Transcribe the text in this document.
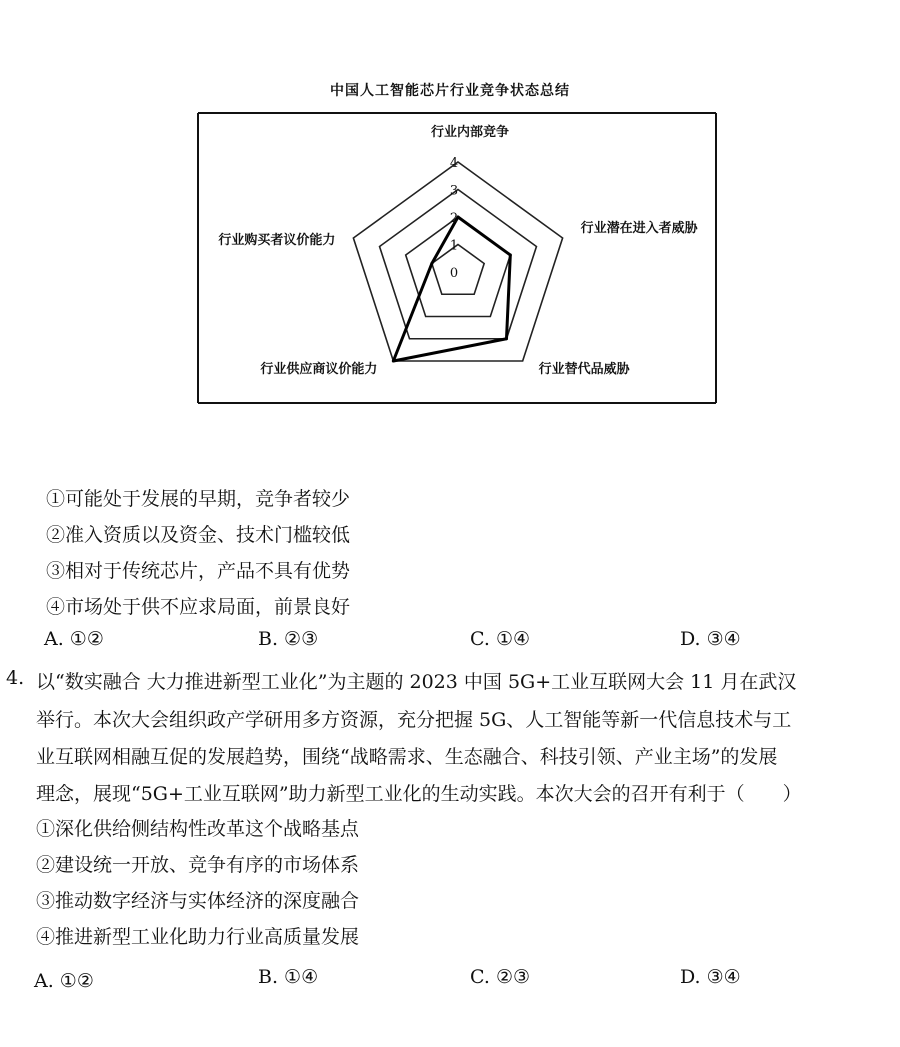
中国人工智能芯片行业竞争状态总结
行业内部竞争
行业潜在进入者威胁
行业替代品威胁
行业供应商议价能力
行业购买者议价能力
0
1
2
3
4

①可能处于发展的早期，竞争者较少

②准入资质以及资金、技术门槛较低

③相对于传统芯片，产品不具有优势

④市场处于供不应求局面，前景良好

A. ①②	B. ②③	C. ①④	D. ③④
4. 以“数实融合 大力推进新型工业化”为主题的 2023 中国 5G+工业互联网大会 11 月在武汉

举行。本次大会组织政产学研用多方资源，充分把握 5G、人工智能等新一代信息技术与工

业互联网相融互促的发展趋势，围绕“战略需求、生态融合、科技引领、产业主场”的发展

理念，展现“5G+工业互联网”助力新型工业化的生动实践。本次大会的召开有利于（　　）

①深化供给侧结构性改革这个战略基点

②建设统一开放、竞争有序的市场体系

③推动数字经济与实体经济的深度融合

④推进新型工业化助力行业高质量发展

A. ①②	B. ①④	C. ②③	D. ③④
